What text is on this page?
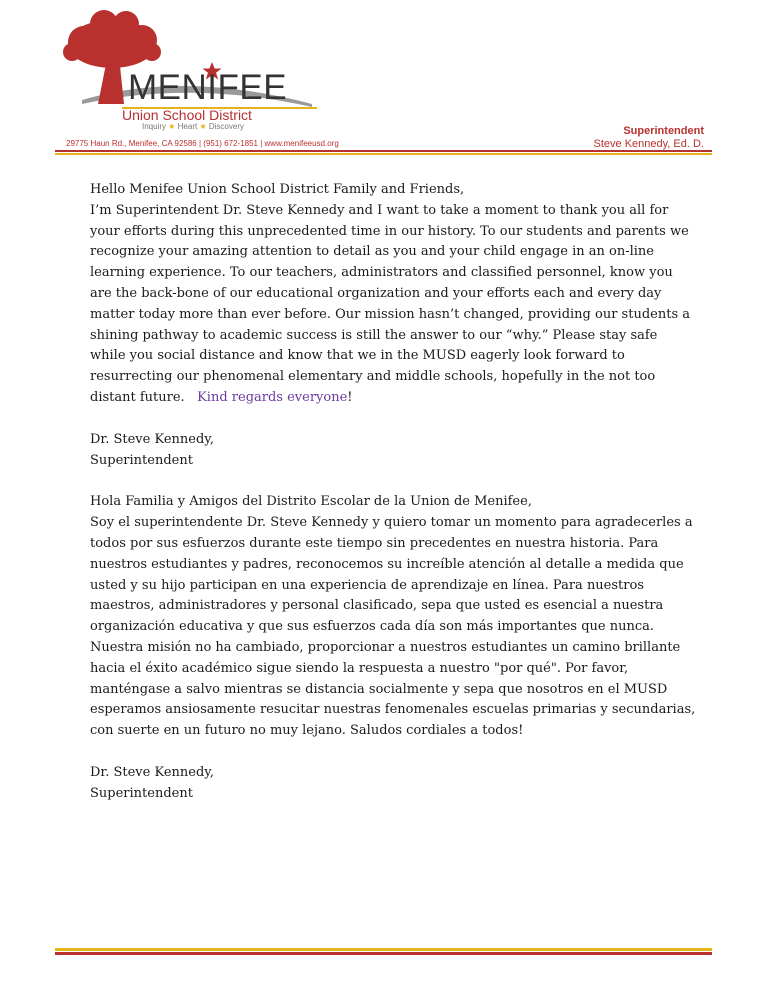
MENIFEE
Union School District
Inquiry ★ Heart ★ Discovery
29775 Haun Rd., Menifee, CA 92586 | (951) 672-1851 | www.menifeeusd.org
Superintendent
Steve Kennedy, Ed. D.
Hello Menifee Union School District Family and Friends,
I’m Superintendent Dr. Steve Kennedy and I want to take a moment to thank you all for
your efforts during this unprecedented time in our history. To our students and parents we
recognize your amazing attention to detail as you and your child engage in an on-line
learning experience. To our teachers, administrators and classified personnel, know you
are the back-bone of our educational organization and your efforts each and every day
matter today more than ever before. Our mission hasn’t changed, providing our students a
shining pathway to academic success is still the answer to our “why.” Please stay safe
while you social distance and know that we in the MUSD eagerly look forward to
resurrecting our phenomenal elementary and middle schools, hopefully in the not too
distant future. Kind regards everyone!
Dr. Steve Kennedy,
Superintendent
Hola Familia y Amigos del Distrito Escolar de la Union de Menifee,
Soy el superintendente Dr. Steve Kennedy y quiero tomar un momento para agradecerles a
todos por sus esfuerzos durante este tiempo sin precedentes en nuestra historia. Para
nuestros estudiantes y padres, reconocemos su increíble atención al detalle a medida que
usted y su hijo participan en una experiencia de aprendizaje en línea. Para nuestros
maestros, administradores y personal clasificado, sepa que usted es esencial a nuestra
organización educativa y que sus esfuerzos cada día son más importantes que nunca.
Nuestra misión no ha cambiado, proporcionar a nuestros estudiantes un camino brillante
hacia el éxito académico sigue siendo la respuesta a nuestro "por qué". Por favor,
manténgase a salvo mientras se distancia socialmente y sepa que nosotros en el MUSD
esperamos ansiosamente resucitar nuestras fenomenales escuelas primarias y secundarias,
con suerte en un futuro no muy lejano. Saludos cordiales a todos!
Dr. Steve Kennedy,
Superintendent
